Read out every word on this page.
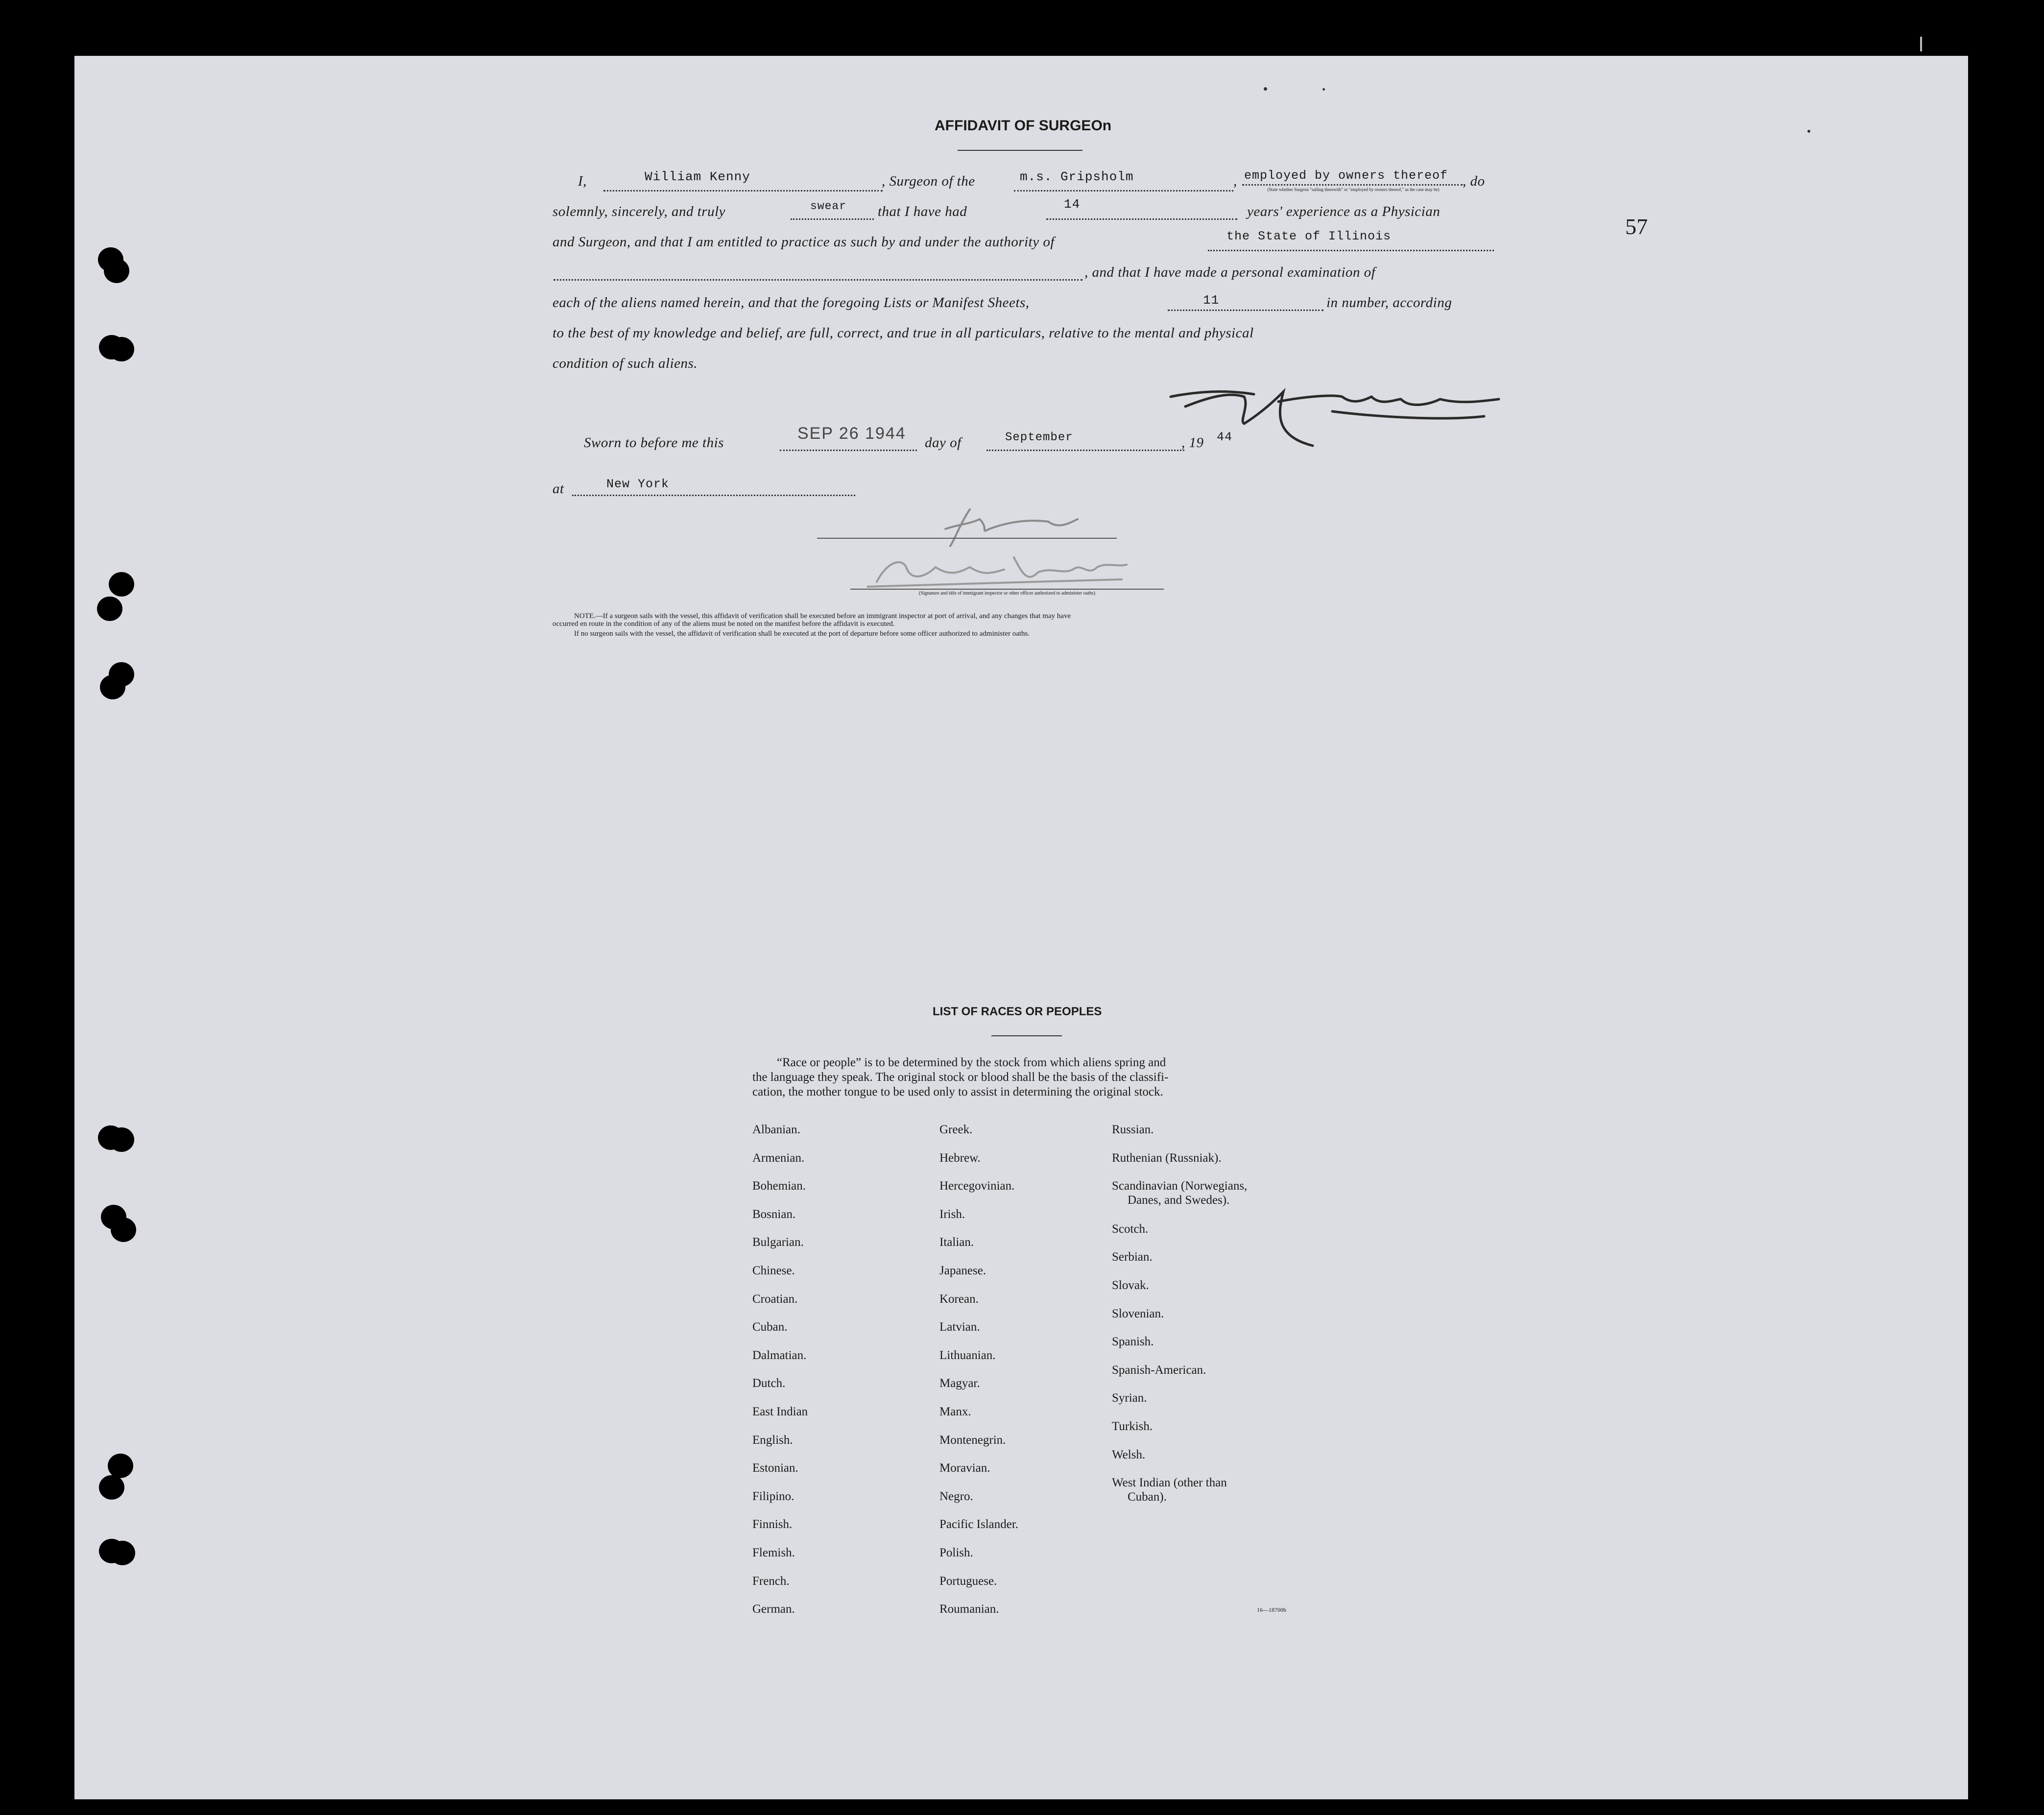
57
AFFIDAVIT OF SURGEOn
I,	William Kenny	, Surgeon of the	m.s. Gripsholm	, employed by owners thereof , do
(State whether Surgeon "sailing therewith" or "employed by owners thereof," as the case may be)
solemnly, sincerely, and truly	swear that I have had	14	years' experience as a Physician
and Surgeon, and that I am entitled to practice as such by and under the authority of	the State of Illinois
, and that I have made a personal examination of
each of the aliens named herein, and that the foregoing Lists or Manifest Sheets,	11	in number, according
to the best of my knowledge and belief, are full, correct, and true in all particulars, relative to the mental and physical
condition of such aliens.
Sworn to before me this	SEP 26 1944 day of	September	, 19 44
at	New York
(Signature and title of immigrant inspector or other officer authorized to administer oaths)
NOTE.—If a surgeon sails with the vessel, this affidavit of verification shall be executed before an immigrant inspector at port of arrival, and any changes that may have
occurred en route in the condition of any of the aliens must be noted on the manifest before the affidavit is executed.
If no surgeon sails with the vessel, the affidavit of verification shall be executed at the port of departure before some officer authorized to administer oaths.
LIST OF RACES OR PEOPLES
“Race or people” is to be determined by the stock from which aliens spring and
the language they speak. The original stock or blood shall be the basis of the classifi-
cation, the mother tongue to be used only to assist in determining the original stock.
Albanian.
Armenian.
Bohemian.
Bosnian.
Bulgarian.
Chinese.
Croatian.
Cuban.
Dalmatian.
Dutch.
East Indian
English.
Estonian.
Filipino.
Finnish.
Flemish.
French.
German.
Greek.
Hebrew.
Hercegovinian.
Irish.
Italian.
Japanese.
Korean.
Latvian.
Lithuanian.
Magyar.
Manx.
Montenegrin.
Moravian.
Negro.
Pacific Islander.
Polish.
Portuguese.
Roumanian.
Russian.
Ruthenian (Russniak).
Scandinavian (Norwegians,
Danes, and Swedes).
Scotch.
Serbian.
Slovak.
Slovenian.
Spanish.
Spanish-American.
Syrian.
Turkish.
Welsh.
West Indian (other than
Cuban).
16—18700b
